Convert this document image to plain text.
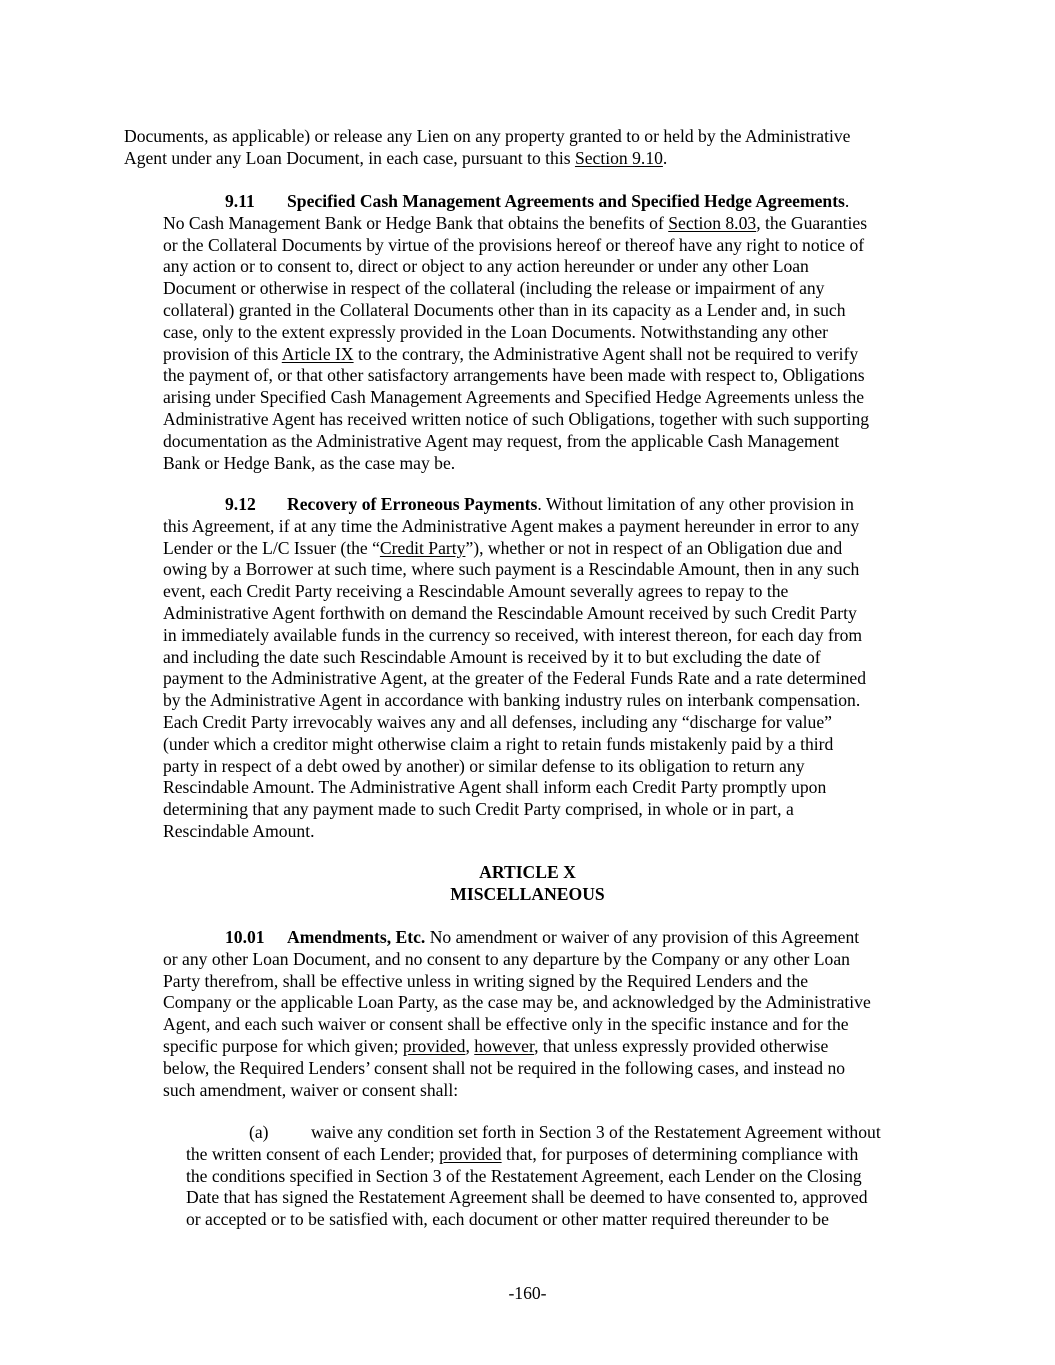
Documents, as applicable) or release any Lien on any property granted to or held by the Administrative
Agent under any Loan Document, in each case, pursuant to this Section 9.10.
9.11 Specified Cash Management Agreements and Specified Hedge Agreements.
No Cash Management Bank or Hedge Bank that obtains the benefits of Section 8.03, the Guaranties
or the Collateral Documents by virtue of the provisions hereof or thereof have any right to notice of
any action or to consent to, direct or object to any action hereunder or under any other Loan
Document or otherwise in respect of the collateral (including the release or impairment of any
collateral) granted in the Collateral Documents other than in its capacity as a Lender and, in such
case, only to the extent expressly provided in the Loan Documents. Notwithstanding any other
provision of this Article IX to the contrary, the Administrative Agent shall not be required to verify
the payment of, or that other satisfactory arrangements have been made with respect to, Obligations
arising under Specified Cash Management Agreements and Specified Hedge Agreements unless the
Administrative Agent has received written notice of such Obligations, together with such supporting
documentation as the Administrative Agent may request, from the applicable Cash Management
Bank or Hedge Bank, as the case may be.
9.12 Recovery of Erroneous Payments. Without limitation of any other provision in
this Agreement, if at any time the Administrative Agent makes a payment hereunder in error to any
Lender or the L/C Issuer (the “Credit Party”), whether or not in respect of an Obligation due and
owing by a Borrower at such time, where such payment is a Rescindable Amount, then in any such
event, each Credit Party receiving a Rescindable Amount severally agrees to repay to the
Administrative Agent forthwith on demand the Rescindable Amount received by such Credit Party
in immediately available funds in the currency so received, with interest thereon, for each day from
and including the date such Rescindable Amount is received by it to but excluding the date of
payment to the Administrative Agent, at the greater of the Federal Funds Rate and a rate determined
by the Administrative Agent in accordance with banking industry rules on interbank compensation.
Each Credit Party irrevocably waives any and all defenses, including any “discharge for value”
(under which a creditor might otherwise claim a right to retain funds mistakenly paid by a third
party in respect of a debt owed by another) or similar defense to its obligation to return any
Rescindable Amount. The Administrative Agent shall inform each Credit Party promptly upon
determining that any payment made to such Credit Party comprised, in whole or in part, a
Rescindable Amount.
ARTICLE X
MISCELLANEOUS
10.01 Amendments, Etc. No amendment or waiver of any provision of this Agreement
or any other Loan Document, and no consent to any departure by the Company or any other Loan
Party therefrom, shall be effective unless in writing signed by the Required Lenders and the
Company or the applicable Loan Party, as the case may be, and acknowledged by the Administrative
Agent, and each such waiver or consent shall be effective only in the specific instance and for the
specific purpose for which given; provided, however, that unless expressly provided otherwise
below, the Required Lenders’ consent shall not be required in the following cases, and instead no
such amendment, waiver or consent shall:
(a) waive any condition set forth in Section 3 of the Restatement Agreement without
the written consent of each Lender; provided that, for purposes of determining compliance with
the conditions specified in Section 3 of the Restatement Agreement, each Lender on the Closing
Date that has signed the Restatement Agreement shall be deemed to have consented to, approved
or accepted or to be satisfied with, each document or other matter required thereunder to be
-160-
